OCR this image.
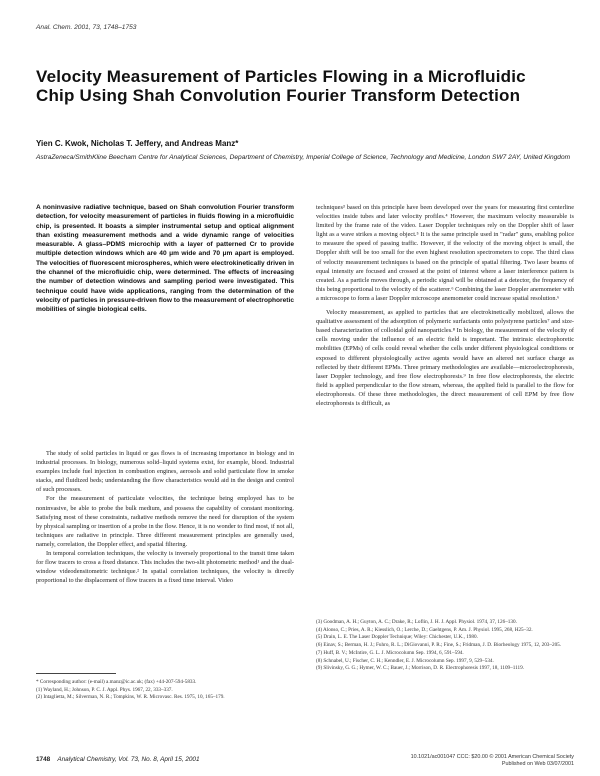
Anal. Chem. 2001, 73, 1748–1753
Velocity Measurement of Particles Flowing in a Microfluidic Chip Using Shah Convolution Fourier Transform Detection
Yien C. Kwok, Nicholas T. Jeffery, and Andreas Manz*
AstraZeneca/SmithKline Beecham Centre for Analytical Sciences, Department of Chemistry, Imperial College of Science, Technology and Medicine, London SW7 2AY, United Kingdom
A noninvasive radiative technique, based on Shah convolution Fourier transform detection, for velocity measurement of particles in fluids flowing in a microfluidic chip, is presented. It boasts a simpler instrumental setup and optical alignment than existing measurement methods and a wide dynamic range of velocities measurable. A glass–PDMS microchip with a layer of patterned Cr to provide multiple detection windows which are 40 μm wide and 70 μm apart is employed. The velocities of fluorescent microspheres, which were electrokinetically driven in the channel of the microfluidic chip, were determined. The effects of increasing the number of detection windows and sampling period were investigated. This technique could have wide applications, ranging from the determination of the velocity of particles in pressure-driven flow to the measurement of electrophoretic mobilities of single biological cells.

The study of solid particles in liquid or gas flows is of increasing importance in biology and in industrial processes. In biology, numerous solid–liquid systems exist, for example, blood. Industrial examples include fuel injection in combustion engines, aerosols and solid particulate flow in smoke stacks, and fluidized beds; understanding the flow characteristics would aid in the design and control of such processes.

For the measurement of particulate velocities, the technique being employed has to be noninvasive, be able to probe the bulk medium, and possess the capability of constant monitoring. Satisfying most of these constraints, radiative methods remove the need for disruption of the system by physical sampling or insertion of a probe in the flow. Hence, it is no wonder to find most, if not all, techniques are radiative in principle. Three different measurement principles are generally used, namely, correlation, the Doppler effect, and spatial filtering.

In temporal correlation techniques, the velocity is inversely proportional to the transit time taken for flow tracers to cross a fixed distance. This includes the two-slit photometric method¹ and the dual-window videodensitometric technique.² In spatial correlation techniques, the velocity is directly proportional to the displacement of flow tracers in a fixed time interval. Video

* Corresponding author: (e-mail) a.manz@ic.ac.uk; (fax) +44-207-594-5833.
(1) Wayland, H.; Johnson, P. C. J. Appl. Phys. 1967, 22, 333–337.
(2) Intaglietta, M.; Silverman, N. R.; Tompkins, W. R. Microvasc. Res. 1975, 10, 165–179.

techniques³ based on this principle have been developed over the years for measuring first centerline velocities inside tubes and later velocity profiles.⁴ However, the maximum velocity measurable is limited by the frame rate of the video. Laser Doppler techniques rely on the Doppler shift of laser light as a wave strikes a moving object.⁵ It is the same principle used in "radar" guns, enabling police to measure the speed of passing traffic. However, if the velocity of the moving object is small, the Doppler shift will be too small for the even highest resolution spectrometers to cope. The third class of velocity measurement techniques is based on the principle of spatial filtering. Two laser beams of equal intensity are focused and crossed at the point of interest where a laser interference pattern is created. As a particle moves through, a periodic signal will be obtained at a detector, the frequency of this being proportional to the velocity of the scatterer.⁶ Combining the laser Doppler anemometer with a microscope to form a laser Doppler microscope anemometer could increase spatial resolution.⁶

Velocity measurement, as applied to particles that are electrokinetically mobilized, allows the qualitative assessment of the adsorption of polymeric surfactants onto polystyrene particles⁷ and size-based characterization of colloidal gold nanoparticles.⁸ In biology, the measurement of the velocity of cells moving under the influence of an electric field is important. The intrinsic electrophoretic mobilities (EPMs) of cells could reveal whether the cells under different physiological conditions or exposed to different physiologically active agents would have an altered net surface charge as reflected by their different EPMs. Three primary methodologies are available—microelectrophoresis, laser Doppler technology, and free flow electrophoresis.⁹ In free flow electrophoresis, the electric field is applied perpendicular to the flow stream, whereas, the applied field is parallel to the flow for electrophoresis. Of these three methodologies, the direct measurement of cell EPM by free flow electrophoresis is difficult, as

(3) Goodman, A. H.; Guyton, A. C.; Drake, R.; Loflin, J. H. J. Appl. Physiol. 1974, 37, 126–130.
(4) Alonso, C.; Pries, A. R.; Kiesslich, O.; Lerche, D.; Gaehtgens, P. Am. J. Physiol. 1995, 268, H25–32.
(5) Drain, L. E. The Laser Doppler Technique; Wiley: Chichester, U.K., 1980.
(6) Einav, S.; Berman, H. J.; Fuhro, R. L.; DiGiovanni, P. R.; Fine, S.; Fridman, J. D. Biorheology 1975, 12, 203–205.
(7) Huff, B. V.; McIntire, G. L. J. Microcolumn Sep. 1994, 6, 591–594.
(8) Schnabel, U.; Fischer, C. H.; Kenndler, E. J. Microcolumn Sep. 1997, 9, 529–534.
(9) Slivinsky, G. G.; Hymer, W. C.; Bauer, J.; Morrison, D. R. Electrophoresis 1997, 18, 1109–1119.
1748 Analytical Chemistry, Vol. 73, No. 8, April 15, 2001	10.1021/ac001047 CCC: $20.00 © 2001 American Chemical Society
Published on Web 03/07/2001
